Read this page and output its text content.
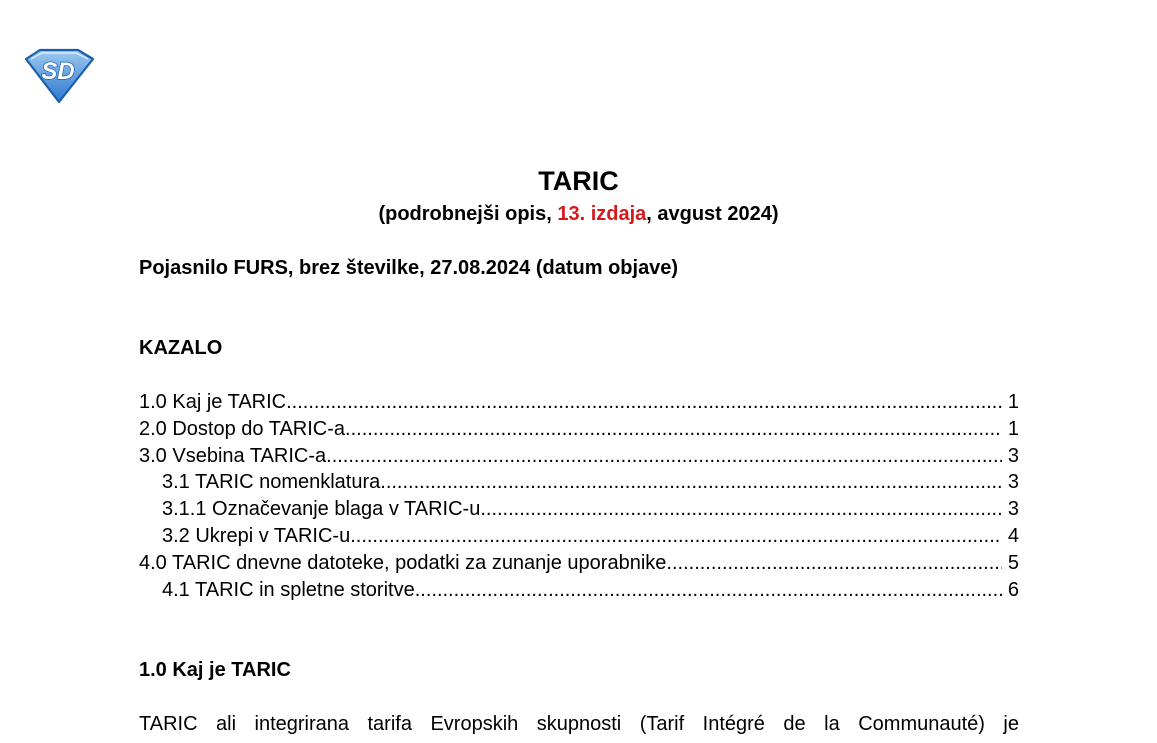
SD
TARIC
(podrobnejši opis, 13. izdaja, avgust 2024)
Pojasnilo FURS, brez številke, 27.08.2024 (datum objave)
KAZALO
1.0 Kaj je TARIC .....	1
2.0 Dostop do TARIC-a .....	1
3.0 Vsebina TARIC-a .....	3
3.1 TARIC nomenklatura .....	3
3.1.1 Označevanje blaga v TARIC-u .....	3
3.2 Ukrepi v TARIC-u .....	4
4.0 TARIC dnevne datoteke, podatki za zunanje uporabnike .....	5
4.1 TARIC in spletne storitve .....	6
1.0 Kaj je TARIC
TARIC ali integrirana tarifa Evropskih skupnosti (Tarif Intégré de la Communauté) je
